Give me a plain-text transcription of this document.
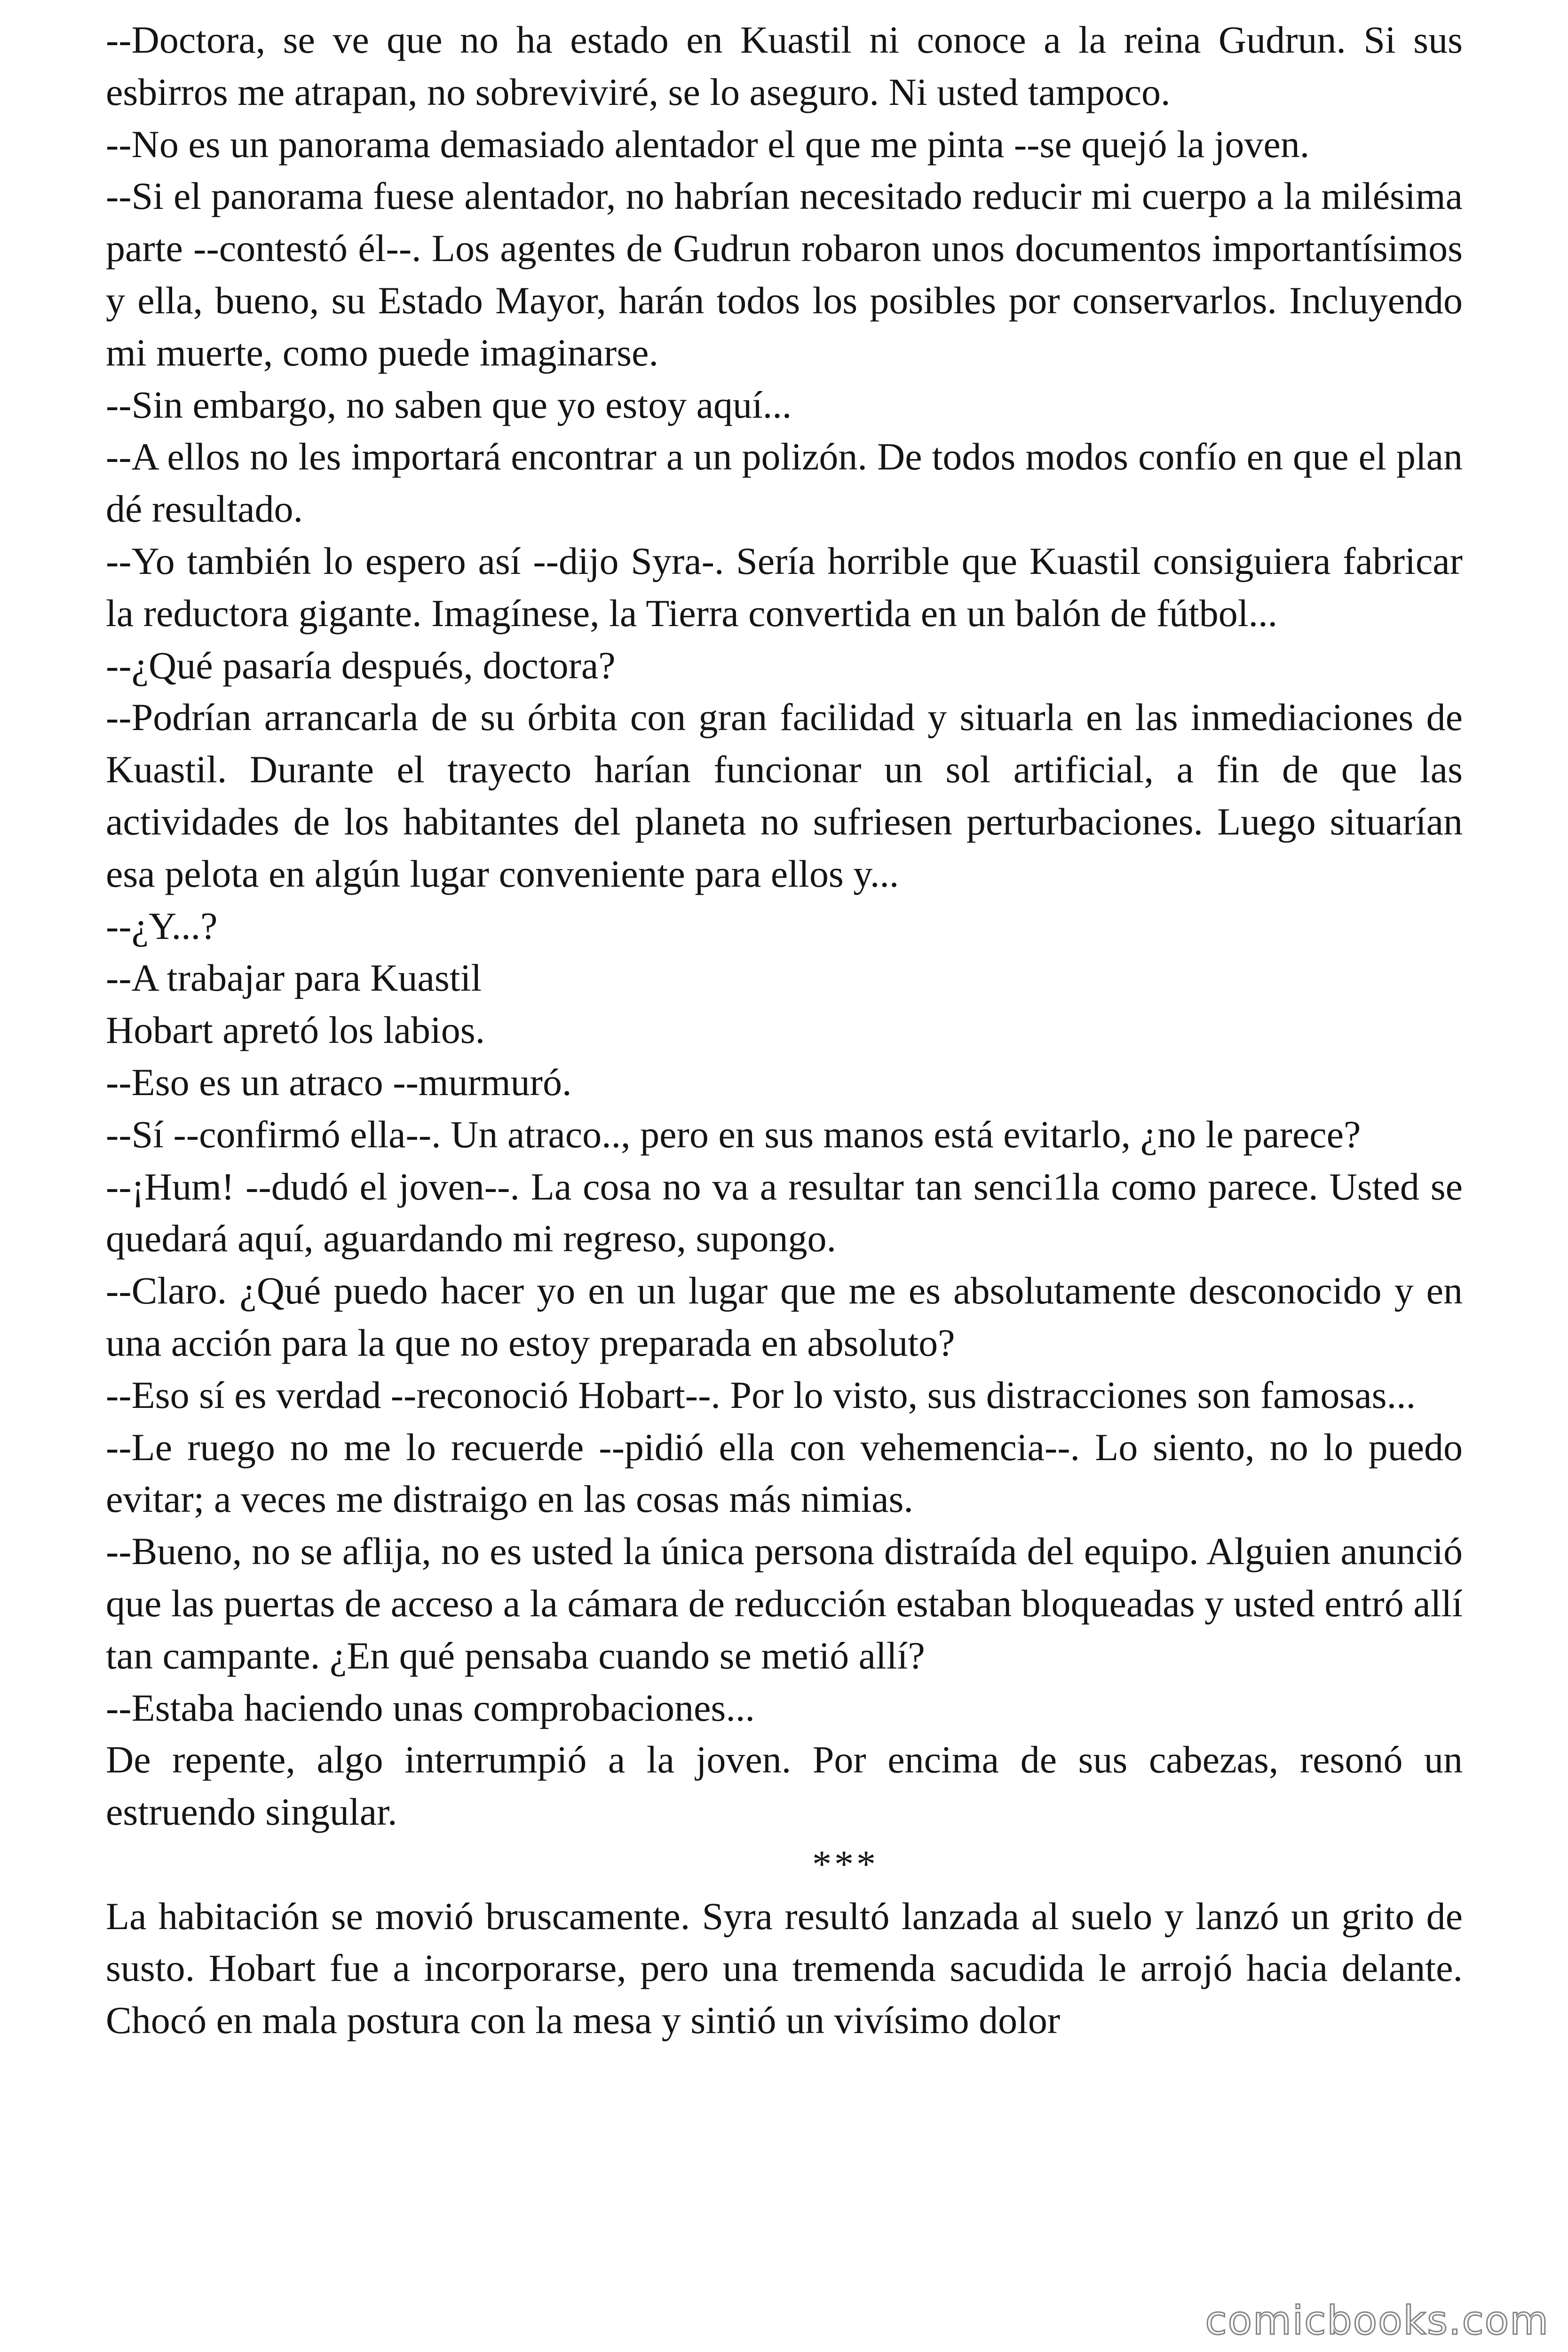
--Doctora, se ve que no ha estado en Kuastil ni conoce a la reina Gudrun. Si sus esbirros me atrapan, no sobreviviré, se lo aseguro. Ni usted tampoco.

--No es un panorama demasiado alentador el que me pinta --se quejó la joven.

--Si el panorama fuese alentador, no habrían necesitado reducir mi cuerpo a la milésima parte --contestó él--. Los agentes de Gudrun robaron unos documentos importantísimos y ella, bueno, su Estado Mayor, harán todos los posibles por conservarlos. Incluyendo mi muerte, como puede imaginarse.

--Sin embargo, no saben que yo estoy aquí...

--A ellos no les importará encontrar a un polizón. De todos modos confío en que el plan dé resultado.

--Yo también lo espero así --dijo Syra-. Sería horrible que Kuastil consiguiera fabricar la reductora gigante. Imagínese, la Tierra convertida en un balón de fútbol...

--¿Qué pasaría después, doctora?

--Podrían arrancarla de su órbita con gran facilidad y situarla en las inmediaciones de Kuastil. Durante el trayecto harían funcionar un sol artificial, a fin de que las actividades de los habitantes del planeta no sufriesen perturbaciones. Luego situarían esa pelota en algún lugar conveniente para ellos y...

--¿Y...?

--A trabajar para Kuastil

Hobart apretó los labios.

--Eso es un atraco --murmuró.

--Sí --confirmó ella--. Un atraco.., pero en sus manos está evitarlo, ¿no le parece?

--¡Hum! --dudó el joven--. La cosa no va a resultar tan senci1la como parece. Usted se quedará aquí, aguardando mi regreso, supongo.

--Claro. ¿Qué puedo hacer yo en un lugar que me es absolutamente desconocido y en una acción para la que no estoy preparada en absoluto?

--Eso sí es verdad --reconoció Hobart--. Por lo visto, sus distracciones son famosas...

--Le ruego no me lo recuerde --pidió ella con vehemencia--. Lo siento, no lo puedo evitar; a veces me distraigo en las cosas más nimias.

--Bueno, no se aflija, no es usted la única persona distraída del equipo. Alguien anunció que las puertas de acceso a la cámara de reducción estaban bloqueadas y usted entró allí tan campante. ¿En qué pensaba cuando se metió allí?

--Estaba haciendo unas comprobaciones...

De repente, algo interrumpió a la joven. Por encima de sus cabezas, resonó un estruendo singular.

***

La habitación se movió bruscamente. Syra resultó lanzada al suelo y lanzó un grito de susto. Hobart fue a incorporarse, pero una tremenda sacudida le arrojó hacia delante. Chocó en mala postura con la mesa y sintió un vivísimo dolor

comicbooks.com
